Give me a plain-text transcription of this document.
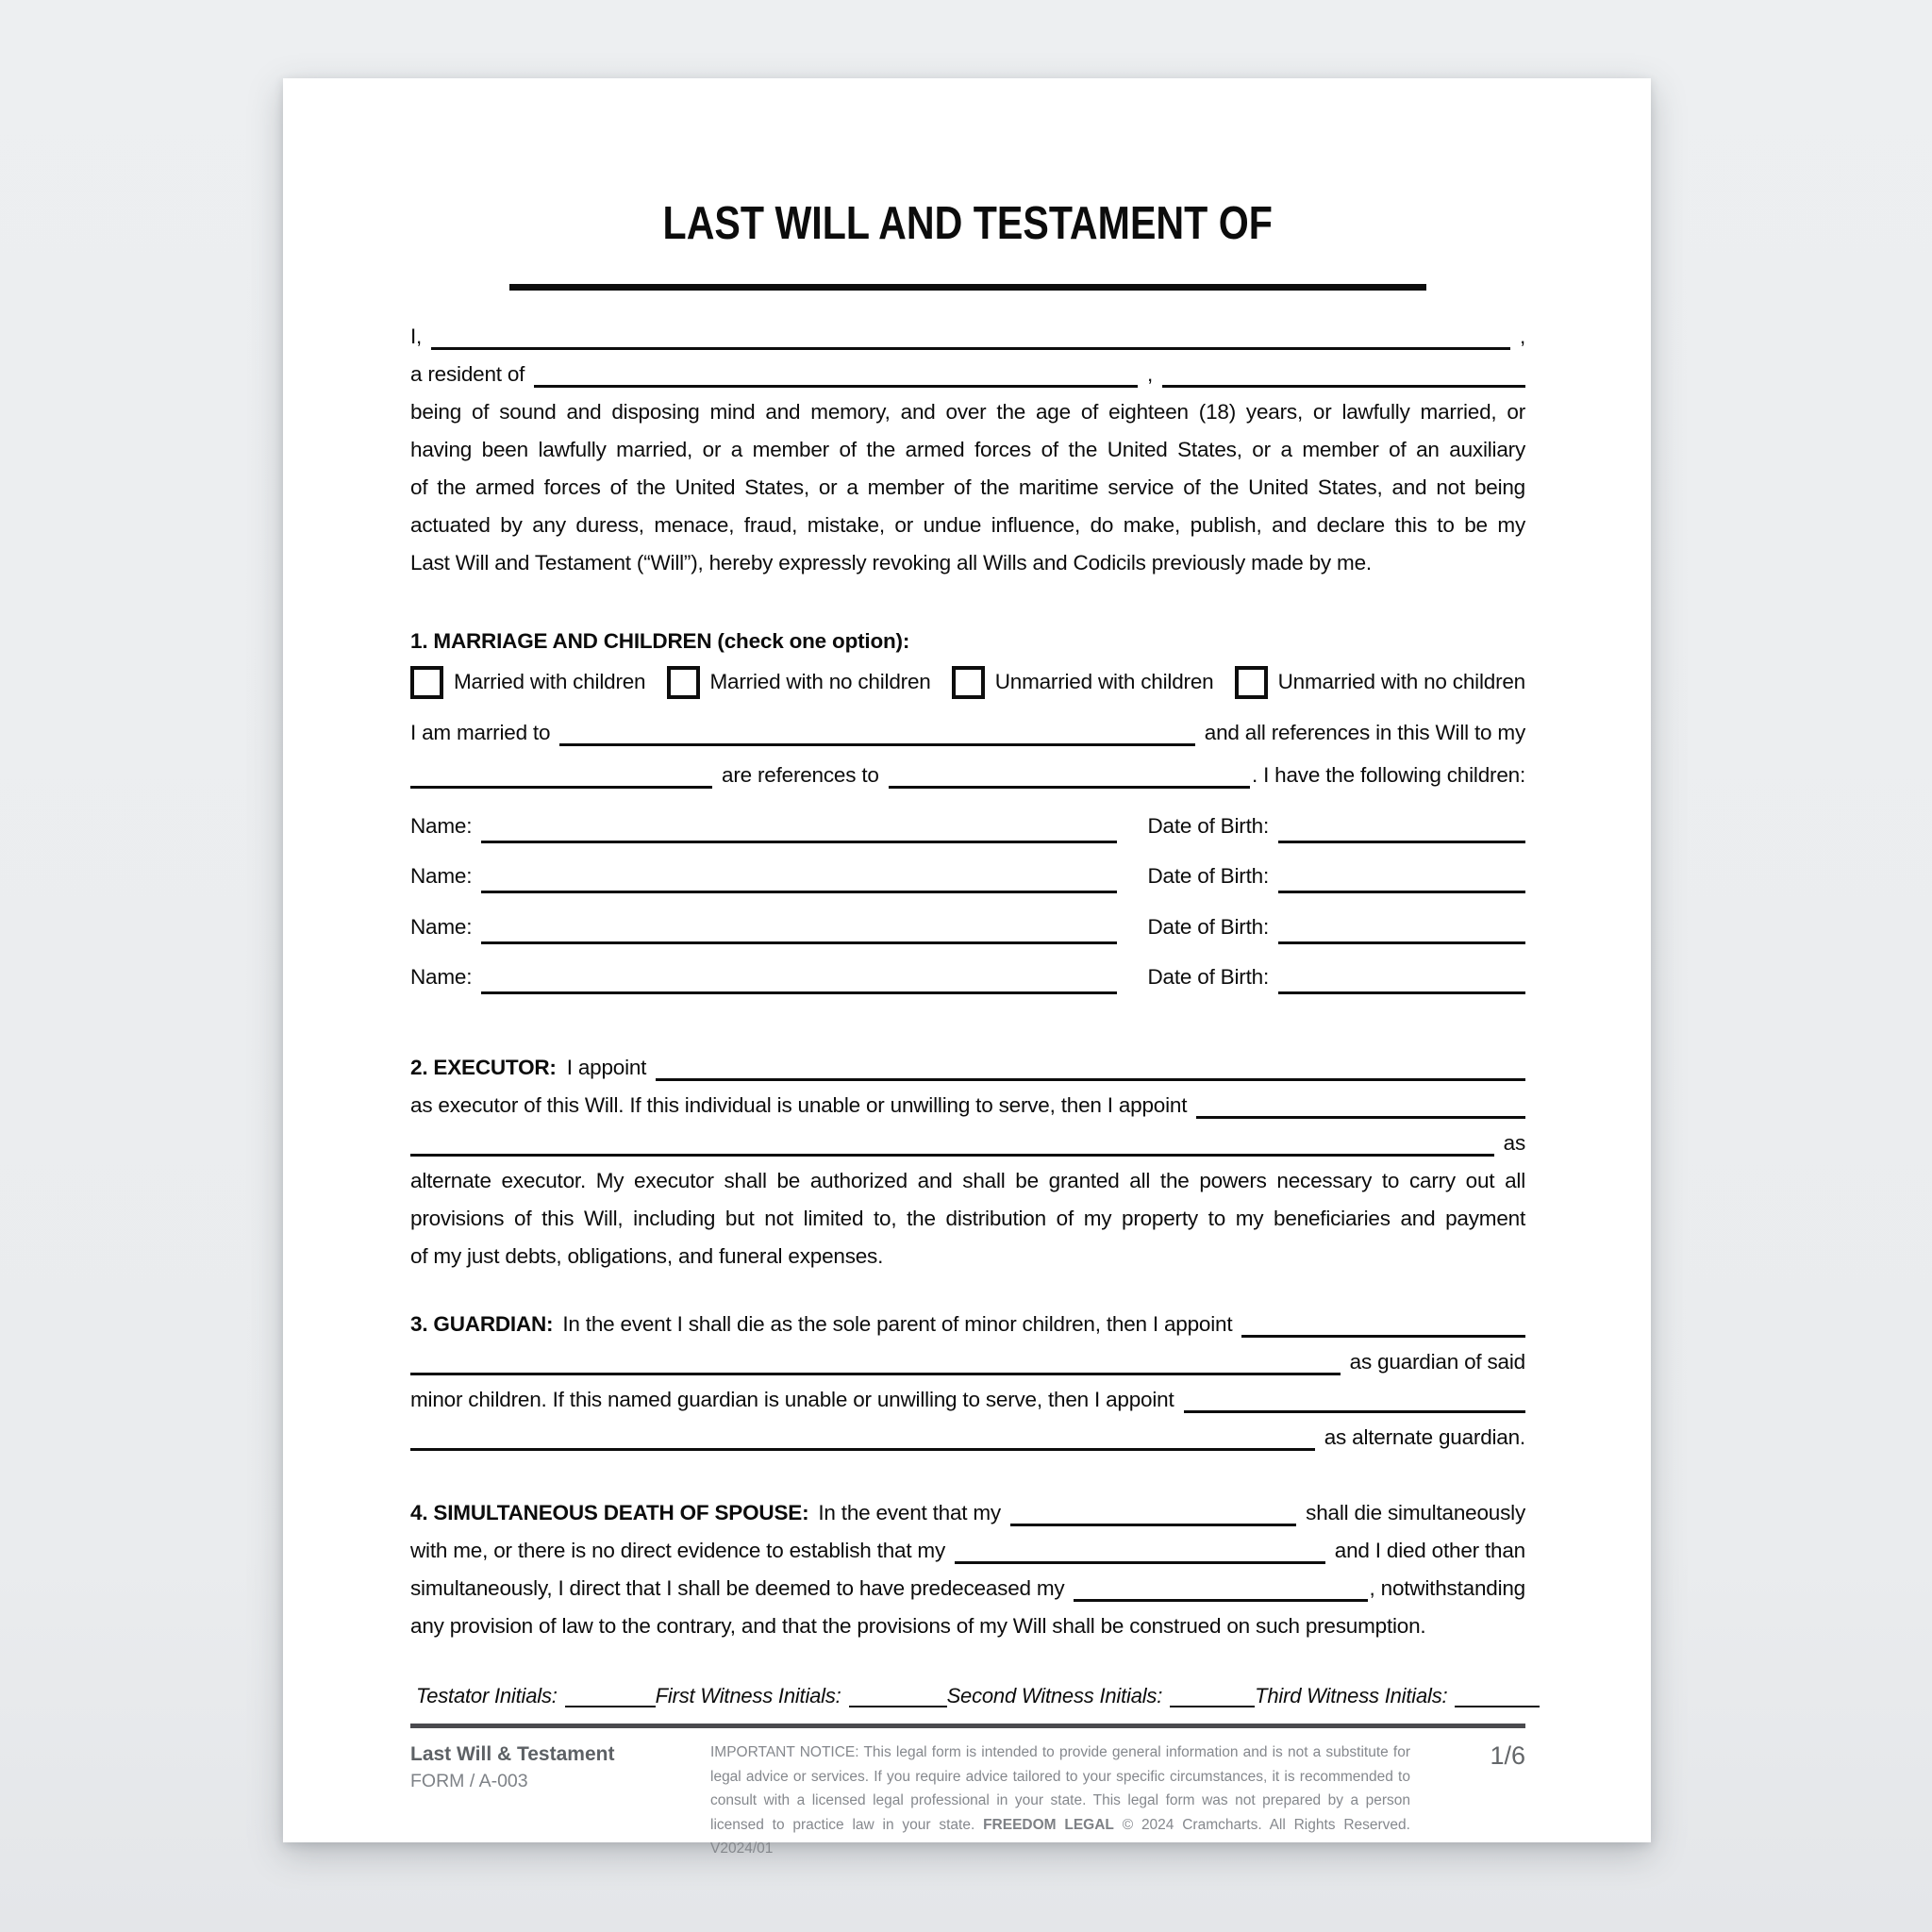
LAST WILL AND TESTAMENT OF
I,	,
a resident of	,
being of sound and disposing mind and memory, and over the age of eighteen (18) years, or lawfully married, or
having been lawfully married, or a member of the armed forces of the United States, or a member of an auxiliary
of the armed forces of the United States, or a member of the maritime service of the United States, and not being
actuated by any duress, menace, fraud, mistake, or undue influence, do make, publish, and declare this to be my
Last Will and Testament (“Will”), hereby expressly revoking all Wills and Codicils previously made by me.
1. MARRIAGE AND CHILDREN (check one option):
Married with children	Married with no children	Unmarried with children	Unmarried with no children
I am married to	and all references in this Will to my
are references to	. I have the following children:
Name:	Date of Birth:
Name:	Date of Birth:
Name:	Date of Birth:
Name:	Date of Birth:
2. EXECUTOR: I appoint
as executor of this Will. If this individual is unable or unwilling to serve, then I appoint
as
alternate executor. My executor shall be authorized and shall be granted all the powers necessary to carry out all
provisions of this Will, including but not limited to, the distribution of my property to my beneficiaries and payment
of my just debts, obligations, and funeral expenses.
3. GUARDIAN: In the event I shall die as the sole parent of minor children, then I appoint
as guardian of said
minor children. If this named guardian is unable or unwilling to serve, then I appoint
as alternate guardian.
4. SIMULTANEOUS DEATH OF SPOUSE: In the event that my	shall die simultaneously
with me, or there is no direct evidence to establish that my	and I died other than
simultaneously, I direct that I shall be deemed to have predeceased my	, notwithstanding
any provision of law to the contrary, and that the provisions of my Will shall be construed on such presumption.
Testator Initials:	First Witness Initials:	Second Witness Initials:	Third Witness Initials:
Last Will & Testament
FORM / A-003
IMPORTANT NOTICE: This legal form is intended to provide general information and is not a substitute for legal advice or services. If you require advice tailored to your specific circumstances, it is recommended to consult with a licensed legal professional in your state. This legal form was not prepared by a person licensed to practice law in your state. FREEDOM LEGAL © 2024 Cramcharts. All Rights Reserved. V2024/01
1/6
